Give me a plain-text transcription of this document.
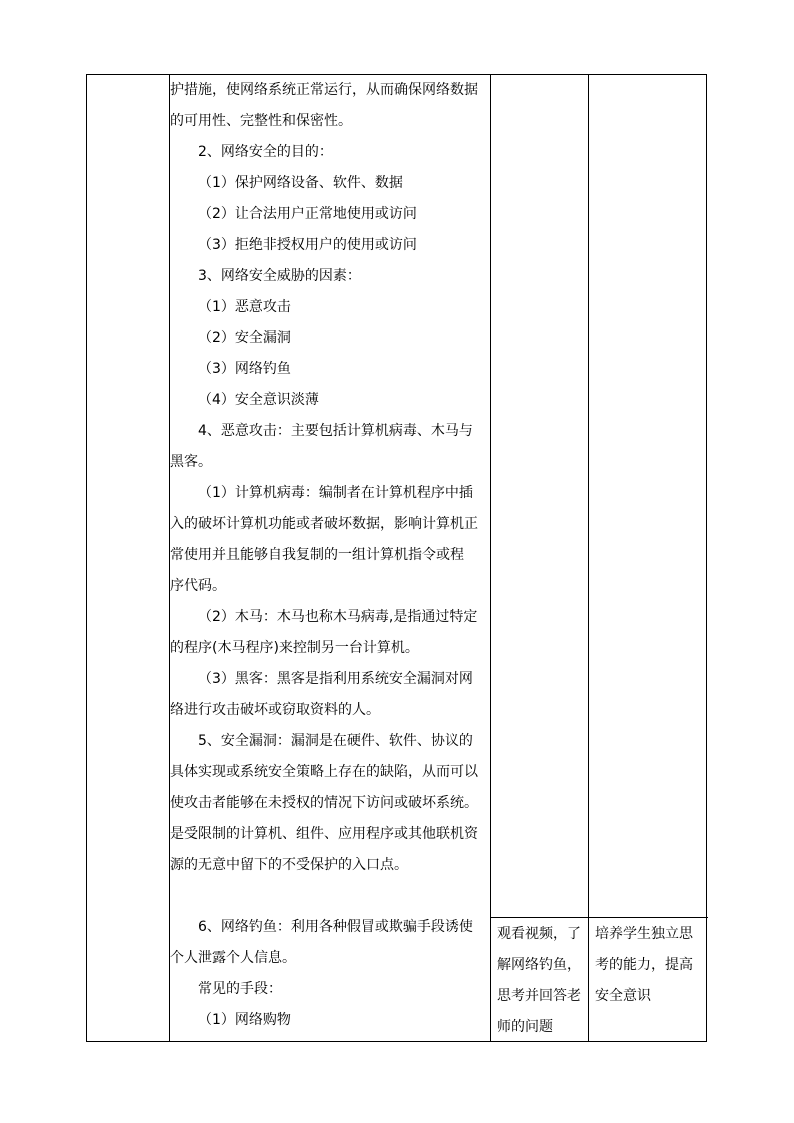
护措施，使网络系统正常运行，从而确保网络数据
的可用性、完整性和保密性。
2、网络安全的目的：
（1）保护网络设备、软件、数据
（2）让合法用户正常地使用或访问
（3）拒绝非授权用户的使用或访问
3、网络安全威胁的因素：
（1）恶意攻击
（2）安全漏洞
（3）网络钓鱼
（4）安全意识淡薄
4、恶意攻击：主要包括计算机病毒、木马与
黑客。
（1）计算机病毒：编制者在计算机程序中插
入的破坏计算机功能或者破坏数据，影响计算机正
常使用并且能够自我复制的一组计算机指令或程
序代码。
（2）木马：木马也称木马病毒,是指通过特定
的程序(木马程序)来控制另一台计算机。
（3）黑客：黑客是指利用系统安全漏洞对网
络进行攻击破坏或窃取资料的人。
5、安全漏洞：漏洞是在硬件、软件、协议的
具体实现或系统安全策略上存在的缺陷，从而可以
使攻击者能够在未授权的情况下访问或破坏系统。
是受限制的计算机、组件、应用程序或其他联机资
源的无意中留下的不受保护的入口点。
6、网络钓鱼：利用各种假冒或欺骗手段诱使
个人泄露个人信息。
常见的手段：
（1）网络购物
观看视频，了
解网络钓鱼，
思考并回答老
师的问题
培养学生独立思
考的能力，提高
安全意识
